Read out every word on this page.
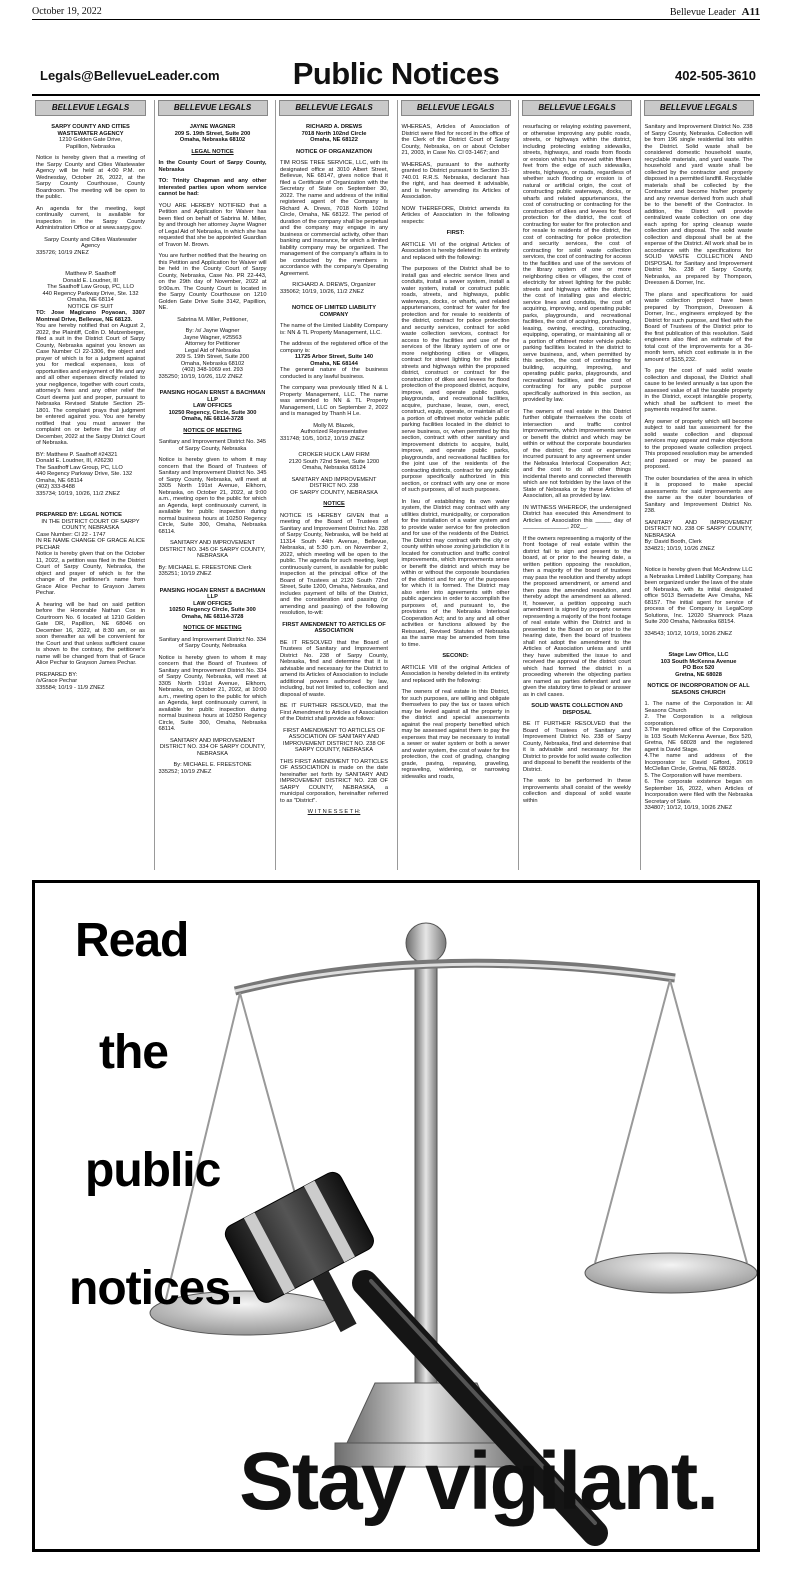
October 19, 2022	Bellevue Leader A11
Legals@BellevueLeader.com	Public Notices	402-505-3610
BELLEVUE LEGALS
SARPY COUNTY AND CITIES WASTEWATER AGENCY
1210 Golden Gate Drive,
Papillion, Nebraska

Notice is hereby given that a meeting of the Sarpy County and Cities Wastewater Agency will be held at 4:00 P.M. on Wednesday, October 26, 2022, at the Sarpy County Courthouse, County Boardroom. The meeting will be open to the public.

An agenda for the meeting, kept continually current, is available for inspection in the Sarpy County Administration Office or at www.sarpy.gov.

Sarpy County and Cities Wastewater Agency
335726; 10/19 ZNEZ
Matthew P. Saathoff
Donald E. Loudner, III
The Saathoff Law Group, PC, LLO
440 Regency Parkway Drive, Ste. 132
Omaha, NE 68114
NOTICE OF SUIT
TO: Jose Magicano Poyaoan, 3307 Montreal Drive, Bellevue, NE 68123.

You are hereby notified that on August 2, 2022, the Plaintiff, Collin D. Mutzenberger, filed a suit in the District Court of Sarpy County, Nebraska against you known as Case Number CI 22-1306, the object and prayer of which is for a judgment against you for medical expenses, loss of opportunities and enjoyment of life and any and all other expenses directly related to your negligence, together with court costs, attorney's fees and any other relief the Court deems just and proper, pursuant to Nebraska Revised Statute Section 25-1801. The complaint prays that judgment be entered against you. You are hereby notified that you must answer the complaint on or before the 1st day of December, 2022 at the Sarpy District Court of Nebraska.

BY: Matthew P. Saathoff #24321
Donald E. Loudner, III, #26230
The Saathoff Law Group, PC, LLO
440 Regency Parkway Drive, Ste. 132
Omaha, NE 68114
(402) 333-8488
335734; 10/19, 10/26, 11/2 ZNEZ
PREPARED BY: LEGAL NOTICE
IN THE DISTRICT COURT OF SARPY COUNTY, NEBRASKA
Case Number: CI 22 - 1747
IN RE NAME CHANGE OF GRACE ALICE PECHAR

Notice is hereby given that on the October 11, 2022, a petition was filed in the District Court of Sarpy County, Nebraska, the object and prayer of which is for the change of the petitioner's name from Grace Alice Pechar to Grayson James Pechar.

A hearing will be had on said petition before the Honorable Nathan Cox in Courtroom No. 6 located at 1210 Golden Gate DR, Papillion, NE 68046 on December 16, 2022, at 8:30 am, or as soon thereafter as will be convenient for the Court and that unless sufficient cause is shown to the contrary, the petitioner's name will be changed from that of Grace Alice Pechar to Grayson James Pechar.

PREPARED BY:
/s/Grace Pechar
335584; 10/19 - 11/9 ZNEZ
BELLEVUE LEGALS
JAYNE WAGNER
209 S. 19th Street, Suite 200
Omaha, Nebraska 68102
LEGAL NOTICE
In the County Court of Sarpy County, Nebraska
TO: Trinity Chapman and any other interested parties upon whom service cannot be had:

YOU ARE HEREBY NOTIFIED that a Petition and Application for Waiver has been filed on behalf of Sabrina M. Miller, by and through her attorney Jayne Wagner of Legal Aid of Nebraska, in which she has requested that she be appointed Guardian of Travon M. Brown.

You are further notified that the hearing on this Petition and Application for Waiver will be held in the County Court of Sarpy County, Nebraska, Case No. PR 22-443, on the 29th day of November, 2022 at 9:00a.m. The County Court is located in the Sarpy County Courthouse on 1210 Golden Gate Drive Suite 3142, Papillion, NE.

Sabrina M. Miller, Petitioner,
By: /s/ Jayne Wagner
Jayne Wagner, #25563
Attorney for Petitioner
Legal Aid of Nebraska
209 S. 19th Street, Suite 200
Omaha, Nebraska 68102
(402) 348-1069 ext. 293
335250; 10/19, 10/26, 11/2 ZNEZ
PANSING HOGAN ERNST & BACHMAN LLP
LAW OFFICES
10250 Regency, Circle, Suite 300
Omaha, NE 68114-3728
NOTICE OF MEETING
Sanitary and Improvement District No. 345
of Sarpy County, Nebraska

Notice is hereby given to whom it may concern that the Board of Trustees of Sanitary and Improvement District No. 345 of Sarpy County, Nebraska, will meet at 3305 North 191st Avenue, Elkhorn, Nebraska, on October 21, 2022, at 9:00 a.m., meeting open to the public for which an Agenda, kept continuously current, is available for public inspection during normal business hours at 10250 Regency Circle, Suite 300, Omaha, Nebraska 68114.

SANITARY AND IMPROVEMENT DISTRICT NO. 345 OF SARPY COUNTY, NEBRASKA
By: MICHAEL E. FREESTONE Clerk
335251; 10/19 ZNEZ
PANSING HOGAN ERNST & BACHMAN LLP
LAW OFFICES
10250 Regency Circle, Suite 300
Omaha, NE 68114-3728
NOTICE OF MEETING
Sanitary and Improvement District No. 334
of Sarpy County, Nebraska

Notice is hereby given to whom it may concern that the Board of Trustees of Sanitary and Improvement District No. 334 of Sarpy County, Nebraska, will meet at 3305 North 191st Avenue, Elkhorn, Nebraska, on October 21, 2022, at 10:00 a.m., meeting open to the public for which an Agenda, kept continuously current, is available for public inspection during normal business hours at 10250 Regency Circle, Suite 300, Omaha, Nebraska 68114.

SANITARY AND IMPROVEMENT DISTRICT NO. 334 OF SARPY COUNTY, NEBRASKA
By: MICHAEL E. FREESTONE
335252; 10/19 ZNEZ
BELLEVUE LEGALS
RICHARD A. DREWS
7018 North 102nd Circle
Omaha, NE 68122
NOTICE OF ORGANIZATION

TIM ROSE TREE SERVICE, LLC, with its designated office at 3010 Albert Street, Bellevue, NE 68147, gives notice that it filed a Certificate of Organization with the Secretary of State on September 30, 2022. The name and address of the initial registered agent of the Company is Richard A. Drews, 7018 North 102nd Circle, Omaha, NE 68122. The period of duration of the company shall be perpetual and the company may engage in any business or commercial activity, other than banking and insurance, for which a limited liability company may be organized. The management of the company's affairs is to be conducted by the members in accordance with the company's Operating Agreement.

RICHARD A. DREWS, Organizer
335062; 10/19, 10/26, 11/2 ZNEZ
NOTICE OF LIMITED LIABILITY COMPANY

The name of the Limited Liability Company is: NN & TL Property Management, LLC.

The address of the registered office of the company is:
11725 Arbor Street, Suite 140
Omaha, NE 68144

The general nature of the business conducted is any lawful business.

The company was previously titled N & L Property Management, LLC. The name was amended to NN & TL Property Management, LLC on September 2, 2022 and is managed by Thanh H Le.

Molly M. Blazek,
Authorized Representative
331748; 10/5, 10/12, 10/19 ZNEZ
CROKER HUCK LAW FIRM
2120 South 72nd Street, Suite 1200
Omaha, Nebraska 68124
SANITARY AND IMPROVEMENT DISTRICT NO. 238
OF SARPY COUNTY, NEBRASKA
NOTICE

NOTICE IS HEREBY GIVEN that a meeting of the Board of Trustees of Sanitary and Improvement District No. 238 of Sarpy County, Nebraska, will be held at 11314 South 44th Avenue, Bellevue, Nebraska, at 5:30 p.m. on November 2, 2022, which meeting will be open to the public. The agenda for such meeting, kept continuously current, is available for public inspection at the principal office of the Board of Trustees at 2120 South 72nd Street, Suite 1200, Omaha, Nebraska, and includes payment of bills of the District, and the consideration and passing (or amending and passing) of the following resolution, to-wit:

FIRST AMENDMENT TO ARTICLES OF ASSOCIATION

BE IT RESOLVED that the Board of Trustees of Sanitary and Improvement District No. 238 of Sarpy County, Nebraska, find and determine that it is advisable and necessary for the District to amend its Articles of Association to include additional powers authorized by law, including, but not limited to, collection and disposal of waste.

BE IT FURTHER RESOLVED, that the First Amendment to Articles of Association of the District shall provide as follows:

FIRST AMENDMENT TO ARTICLES OF ASSOCIATION OF SANITARY AND IMPROVEMENT DISTRICT NO. 238 OF SARPY COUNTY, NEBRASKA

THIS FIRST AMENDMENT TO ARTICLES OF ASSOCIATION is made on the date hereinafter set forth by SANITARY AND IMPROVEMENT DISTRICT NO. 238 OF SARPY COUNTY, NEBRASKA, a municipal corporation, hereinafter referred to as "District".

W I T N E S S E T H:
BELLEVUE LEGALS

WHEREAS, Articles of Association of District were filed for record in the office of the Clerk of the District Court of Sarpy County, Nebraska, on or about October 21, 2003, in Case No. CI 03-1467; and

WHEREAS, pursuant to the authority granted to District pursuant to Section 31-740.01 R.R.S. Nebraska, declarant has the right, and has deemed it advisable, and is hereby amending its Articles of Association.

NOW THEREFORE, District amends its Articles of Association in the following respects:

FIRST:

ARTICLE VII of the original Articles of Association is hereby deleted in its entirety and replaced with the following:

The purposes of the District shall be to install gas and electric service lines and conduits, install a sewer system, install a water system, install or construct public roads, streets, and highways, public waterways, docks, or wharfs, and related appurtenances, contract for water for fire protection and for resale to residents of the district, contract for police protection and security services, contract for solid waste collection services, contract for access to the facilities and use of the services of the library system of one or more neighboring cities or villages, contract for street lighting for the public streets and highways within the proposed district, construct or contract for the construction of dikes and levees for flood protection of the proposed district, acquire, improve, and operate public parks, playgrounds, and recreational facilities, acquire, purchase, lease, own, erect, construct, equip, operate, or maintain all or a portion of offstreet motor vehicle public parking facilities located in the district to serve business, or, when permitted by this section, contract with other sanitary and improvement districts to acquire, build, improve, and operate public parks, playgrounds, and recreational facilities for the joint use of the residents of the contracting districts, contract for any public purpose specifically authorized in this section, or contract with any one or more of such purposes, all of such purposes.

In lieu of establishing its own water system, the District may contract with any utilities district, municipality, or corporation for the installation of a water system and to provide water service for fire protection and for use of the residents of the District. The District may contract with the city or county within whose zoning jurisdiction it is located for construction and traffic control improvements, which improvements serve or benefit the district and which may be within or without the corporate boundaries of the district and for any of the purposes for which it is formed. The District may also enter into agreements with other public agencies in order to accomplish the purposes of, and pursuant to, the provisions of the Nebraska Interlocal Cooperation Act; and to any and all other activities or functions allowed by the Reissued, Revised Statutes of Nebraska as the same may be amended from time to time.

SECOND:

ARTICLE VIII of the original Articles of Association is hereby deleted in its entirety and replaced with the following:

The owners of real estate in this District, for such purposes, are willing and obligate themselves to pay the tax or taxes which may be levied against all the property in the district and special assessments against the real property benefited which may be assessed against them to pay the expenses that may be necessary to install a sewer or water system or both a sewer and water system, the cost of water for fire protection, the cost of grading, changing grade, paving, repaving, graveling, regraveling, widening, or narrowing sidewalks and roads,

BELLEVUE LEGALS

resurfacing or relaying existing pavement, or otherwise improving any public roads, streets, or highways within the district, including protecting existing sidewalks, streets, highways, and roads from floods or erosion which has moved within fifteen feet from the edge of such sidewalks, streets, highways, or roads, regardless of whether such flooding or erosion is of natural or artificial origin, the cost of constructing public waterways, docks, or wharfs and related appurtenances, the cost of constructing or contracting for the construction of dikes and levees for flood protection for the district, the cost of contracting for water for fire protection and for resale to residents of the district, the cost of contracting for police protection and security services, the cost of contracting for solid waste collection services, the cost of contracting for access to the facilities and use of the services of the library system of one or more neighboring cities or villages, the cost of electricity for street lighting for the public streets and highways within the district, the cost of installing gas and electric service lines and conduits, the cost of acquiring, improving, and operating public parks, playgrounds, and recreational facilities, the cost of acquiring, purchasing, leasing, owning, erecting, constructing, equipping, operating, or maintaining all or a portion of offstreet motor vehicle public parking facilities located in the district to serve business, and, when permitted by this section, the cost of contracting for building, acquiring, improving, and operating public parks, playgrounds, and recreational facilities, and the cost of contracting for any public purpose specifically authorized in this section, as provided by law.

The owners of real estate in this District further obligate themselves the costs of intersection and traffic control improvements, which improvements serve or benefit the district and which may be within or without the corporate boundaries of the district; the cost or expenses incurred pursuant to any agreement under the Nebraska Interlocal Cooperation Act; and the cost to do all other things incidental thereto and connected therewith which are not forbidden by the laws of the State of Nebraska or by these Articles of Association, all as provided by law.

IN WITNESS WHEREOF, the undersigned District has executed this Amendment to Articles of Association this _____ day of ______________, 202__.

If the owners representing a majority of the front footage of real estate within the district fail to sign and present to the board, at or prior to the hearing date, a written petition opposing the resolution, then a majority of the board of trustees may pass the resolution and thereby adopt the proposed amendment, or amend and then pass the amended resolution, and thereby adopt the amendment as altered. If, however, a petition opposing such amendment is signed by property owners representing a majority of the front footage of real estate within the District and is presented to the Board on or prior to the hearing date, then the board of trustees shall not adopt the amendment to the Articles of Association unless and until they have submitted the issue to and received the approval of the district court which had formed the district in a proceeding wherein the objecting parties are named as parties defendant and are given the statutory time to plead or answer as in civil cases.

SOLID WASTE COLLECTION AND DISPOSAL

BE IT FURTHER RESOLVED that the Board of Trustees of Sanitary and Improvement District No. 238 of Sarpy County, Nebraska, find and determine that it is advisable and necessary for the District to provide for solid waste collection and disposal to benefit the residents of the District.

The work to be performed in these improvements shall consist of the weekly collection and disposal of solid waste within

BELLEVUE LEGALS

Sanitary and Improvement District No. 238 of Sarpy County, Nebraska. Collection will be from 196 single residential lots within the District. Solid waste shall be considered domestic household waste, recyclable materials, and yard waste. The household and yard waste shall be collected by the contractor and properly disposed in a permitted landfill. Recyclable materials shall be collected by the Contractor and become his/her property and any revenue derived from such shall be to the benefit of the Contractor. In addition, the District will provide centralized waste collection on one day each spring for spring cleanup waste collection and disposal. The solid waste collection and disposal shall be at the expense of the District. All work shall be in accordance with the specifications for SOLID WASTE COLLECTION AND DISPOSAL for Sanitary and Improvement District No. 238 of Sarpy County, Nebraska, as prepared by Thompson, Dreessen & Dorner, Inc.

The plans and specifications for said waste collection project have been prepared by Thompson, Dreessen & Dorner, Inc., engineers employed by the District for such purpose, and filed with the Board of Trustees of the District prior to the first publication of this resolution. Said engineers also filed an estimate of the total cost of the improvements for a 36-month term, which cost estimate is in the amount of $155,232.

To pay the cost of said solid waste collection and disposal, the District shall cause to be levied annually a tax upon the assessed value of all the taxable property in the District, except intangible property, which shall be sufficient to meet the payments required for same.

Any owner of property which will become subject to said tax assessment for the solid waste collection and disposal services may appear and make objections to the proposed waste collection project. This proposed resolution may be amended and passed or may be passed as proposed.

The outer boundaries of the area in which it is proposed to make special assessments for said improvements are the same as the outer boundaries of Sanitary and Improvement District No. 238.

SANITARY AND IMPROVEMENT DISTRICT NO. 238 OF SARPY COUNTY, NEBRASKA
By: David Booth, Clerk
334821; 10/19, 10/26 ZNEZ

Notice is hereby given that McAndrew LLC a Nebraska Limited Liability Company, has been organized under the laws of the state of Nebraska, with its initial designated office 5013 Bernadette Ave Omaha, NE 68157. The initial agent for service of process of the Company is LegalCorp Solutions, Inc. 12020 Shamrock Plaza Suite 200 Omaha, Nebraska 68154.

334543; 10/12, 10/19, 10/26 ZNEZ
Stage Law Office, LLC
103 South McKenna Avenue
PO Box 520
Gretna, NE 68028
NOTICE OF INCORPORATION OF ALL SEASONS CHURCH
1. The name of the Corporation is: All Seasons Church
2. The Corporation is a religious corporation.
3.The registered office of the Corporation is 103 South McKenna Avenue, Box 520, Gretna, NE 68028 and the registered agent is David Stage.
4.The name and address of the Incorporator is: David Gifford, 20619 McClellan Circle, Gretna, NE 68028.
5. The Corporation will have members.
6. The corporate existence began on September 16, 2022, when Articles of Incorporation were filed with the Nebraska Secretary of State.
334807; 10/12, 10/19, 10/26 ZNEZ
Read
the
public
notices.
Stay vigilant.
